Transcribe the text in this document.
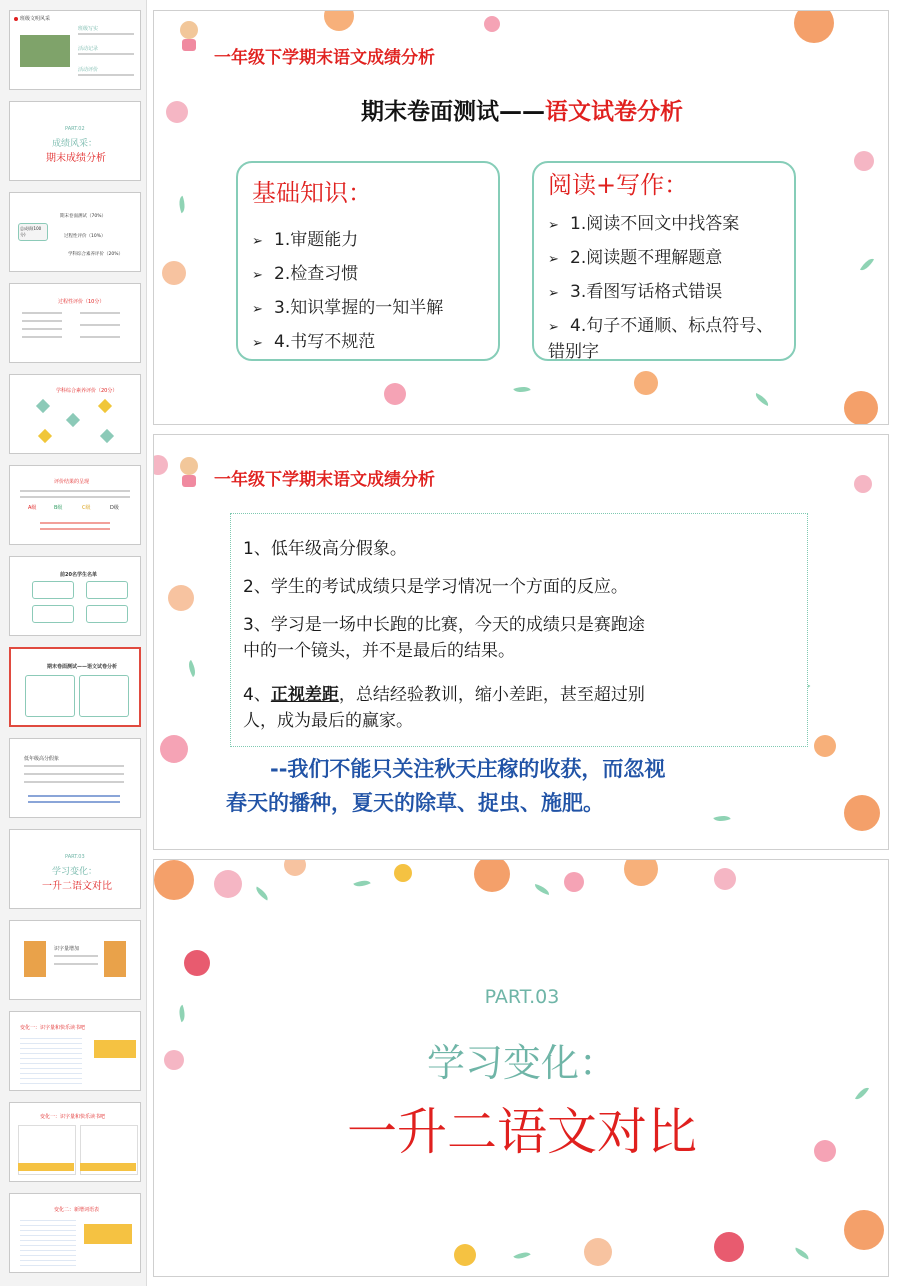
班级文明风采
班级写实
活动记录
活动评价
PART.02
成绩风采：
期末成绩分析
总成绩(100分)
期末卷面测试（70%）
过程性评价（10%）
学科综合素养评价（20%）
过程性评价（10分）
学科综合素养评价（20分）
评价结果的呈现
A级	B级	C级	D级
前20名学生名单
期末卷面测试——语文试卷分析
低年级高分假象
PART.03
学习变化：
一升二语文对比
识字量增加
变化一：识字量和快乐读书吧
变化一：识字量和快乐读书吧
变化二：新增词语表
一年级下学期末语文成绩分析
期末卷面测试——语文试卷分析
基础知识：
➢ 1.审题能力
➢ 2.检查习惯
➢ 3.知识掌握的一知半解
➢ 4.书写不规范
阅读+写作：
➢ 1.阅读不回文中找答案
➢ 2.阅读题不理解题意
➢ 3.看图写话格式错误
➢ 4.句子不通顺、标点符号、
错别字
一年级下学期末语文成绩分析
1、低年级高分假象。
2、学生的考试成绩只是学习情况一个方面的反应。
3、学习是一场中长跑的比赛，今天的成绩只是赛跑途
中的一个镜头，并不是最后的结果。
4、正视差距，总结经验教训，缩小差距，甚至超过别
人，成为最后的赢家。
--我们不能只关注秋天庄稼的收获，而忽视
春天的播种，夏天的除草、捉虫、施肥。
PART.03
学习变化：
一升二语文对比
